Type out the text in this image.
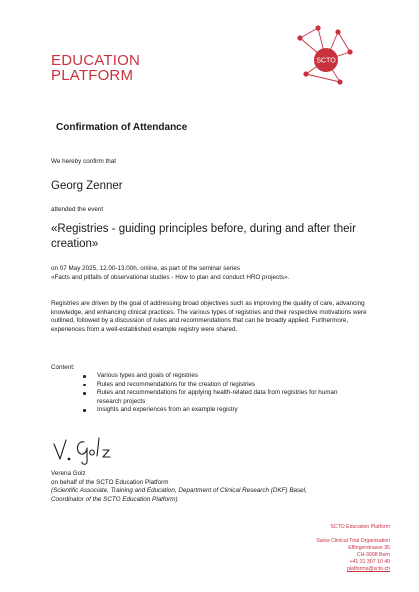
EDUCATION
PLATFORM
SCTO
Confirmation of Attendance
We hereby confirm that
Georg Zenner
attended the event
«Registries - guiding principles before, during and after their creation»
on 07 May 2025, 12.00-13.00h, online, as part of the seminar series
«Facts and pitfalls of observational studies - How to plan and conduct HRO projects».
Registries are driven by the goal of addressing broad objectives such as improving the quality of care, advancing knowledge, and enhancing clinical practices. The various types of registries and their respective motivations were outlined, followed by a discussion of rules and recommendations that can be broadly applied. Furthermore, experiences from a well-established example registry were shared.
Content:
Various types and goals of registries
Rules and recommendations for the creation of registries
Rules and recommendations for applying health-related data from registries for human research projects
Insights and experiences from an example registry
Verena Golz
on behalf of the SCTO Education Platform
(Scientific Associate, Training and Education, Department of Clinical Research (DKF) Basel,
Coordinator of the SCTO Education Platform)
SCTO Education Platform
Swiss Clinical Trial Organisation
Effingerstrasse 35
CH-3008 Bern
+41 31 307 10 40
platforms@scto.ch
